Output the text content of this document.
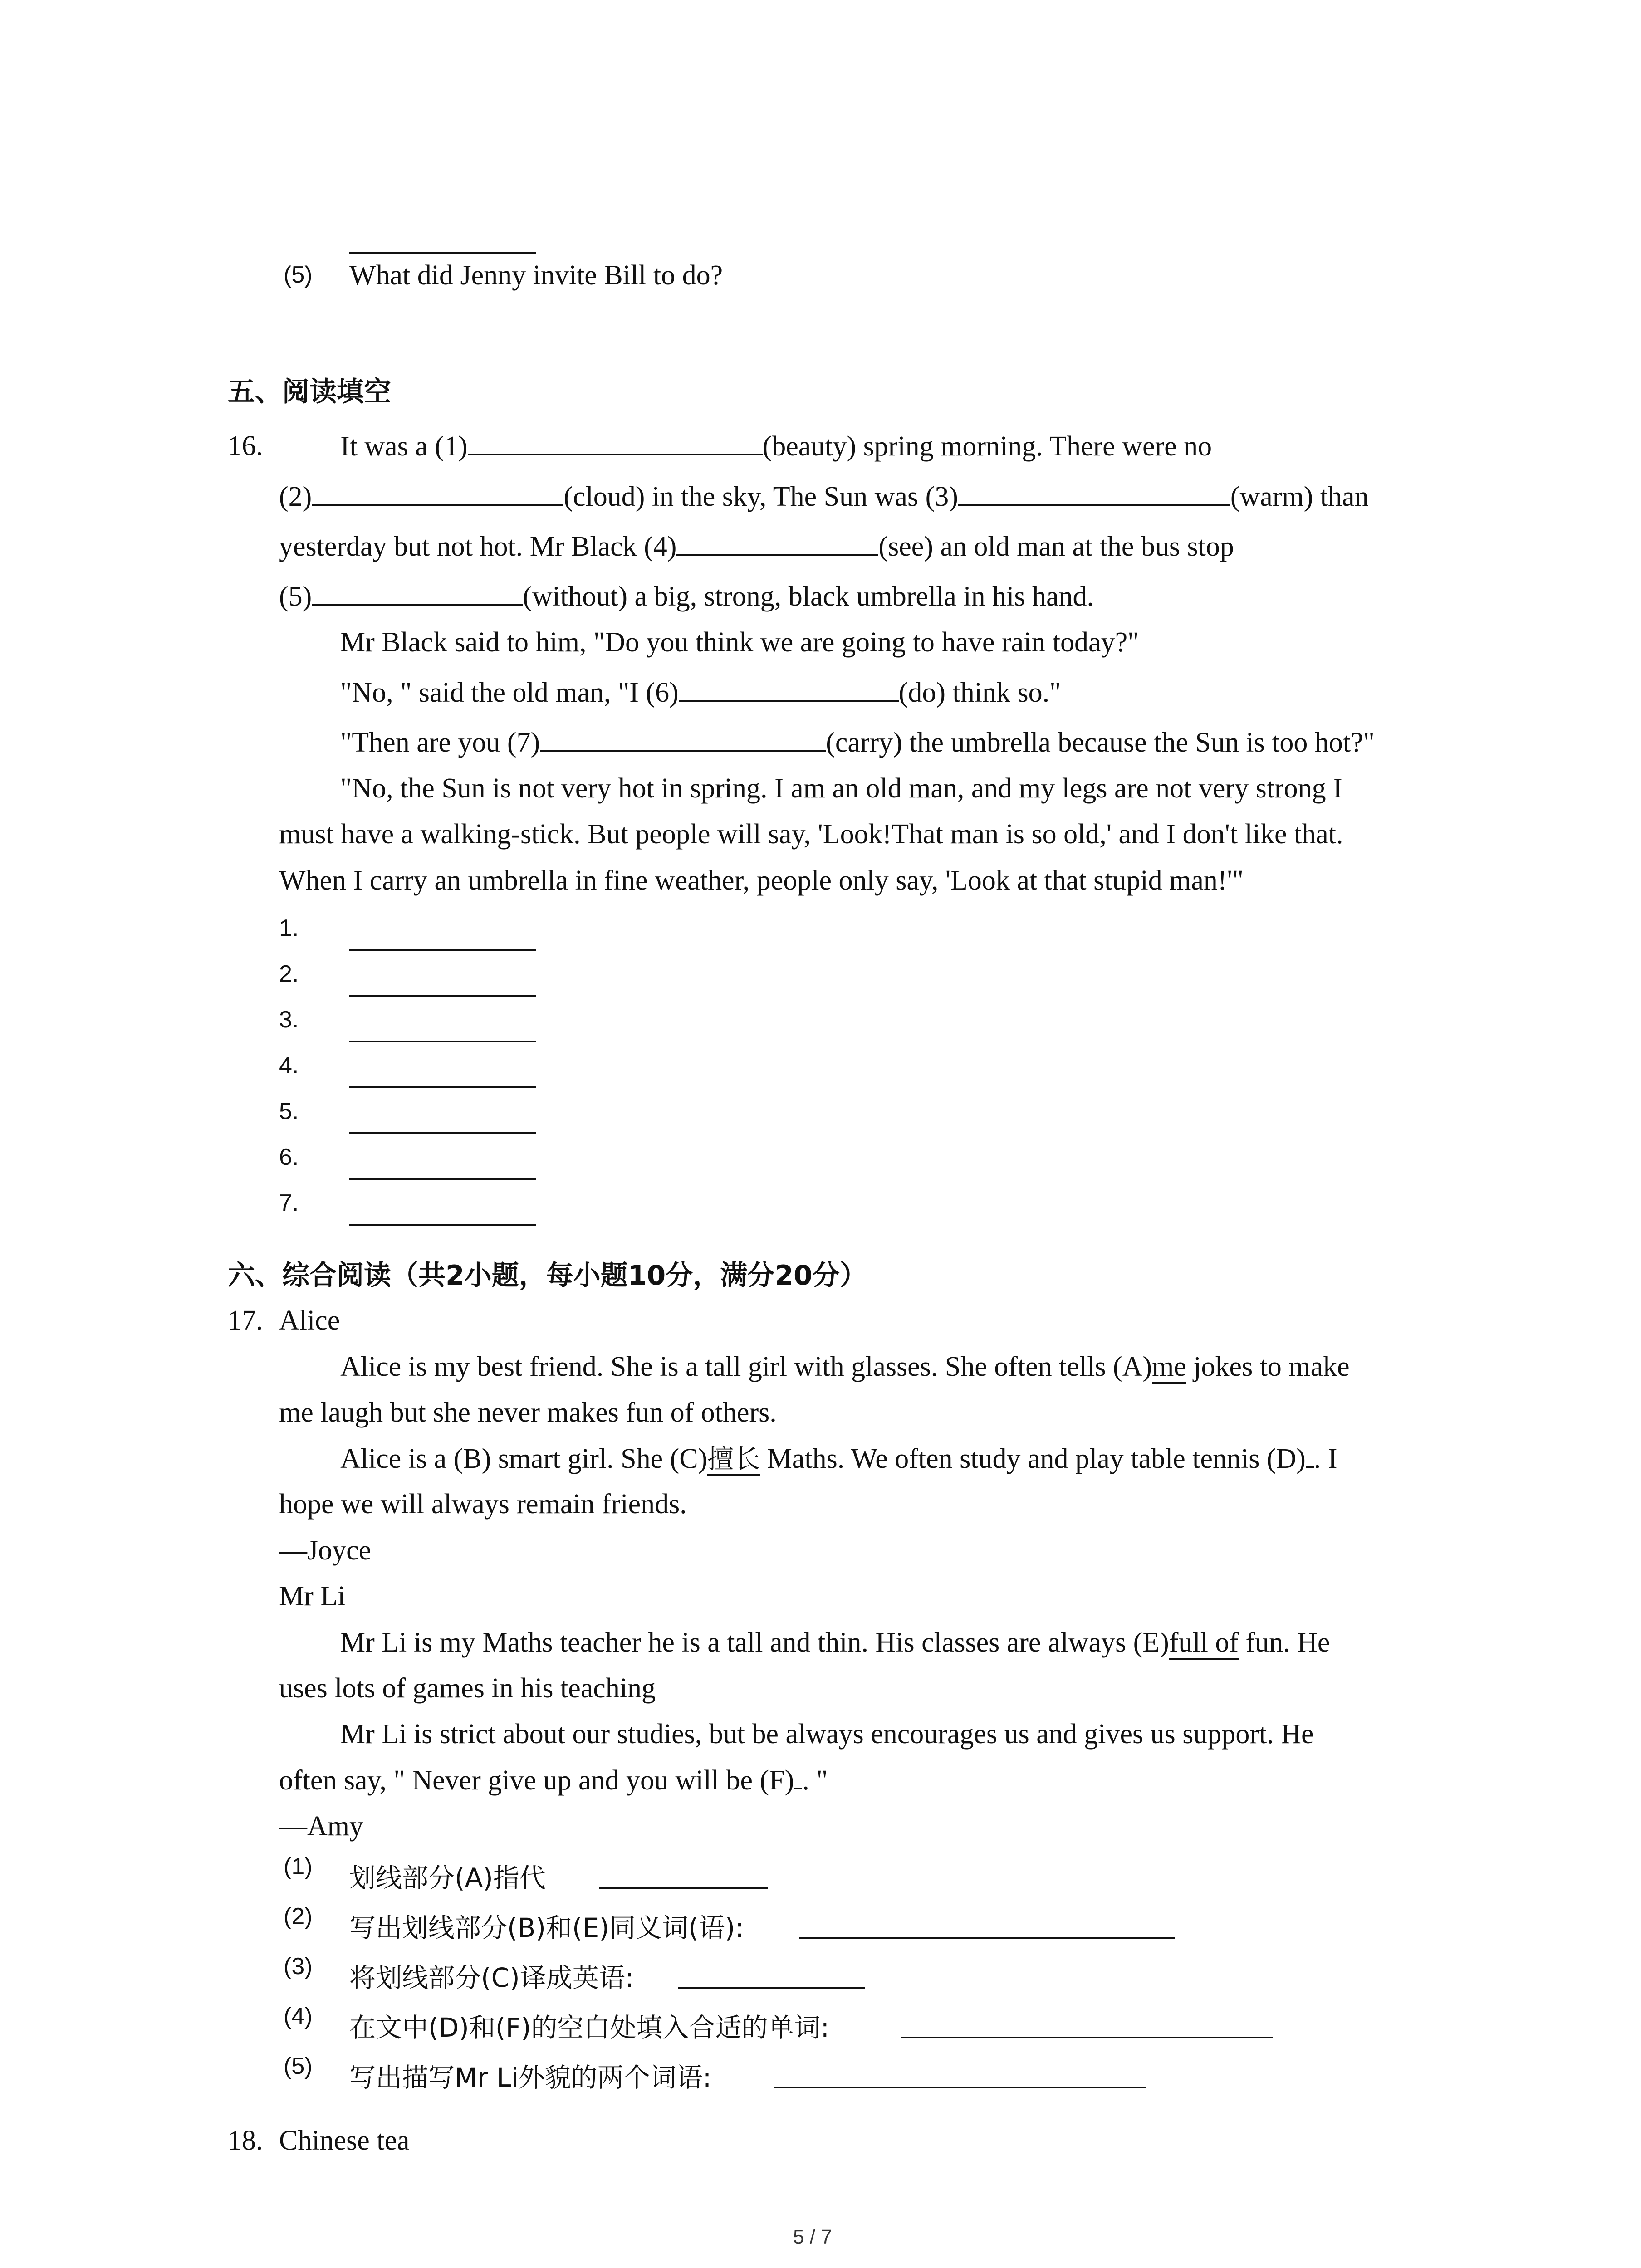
(5) What did Jenny invite Bill to do?
五、阅读填空
16.	It was a (1)	(beauty) spring morning. There were no
(2)	(cloud) in the sky, The Sun was (3)	(warm) than
yesterday but not hot. Mr Black (4)	(see) an old man at the bus stop
(5)	(without) a big, strong, black umbrella in his hand.
Mr Black said to him, "Do you think we are going to have rain today?"
"No, " said the old man, "I (6)	(do) think so."
"Then are you (7)	(carry) the umbrella because the Sun is too hot?"
"No, the Sun is not very hot in spring. I am an old man, and my legs are not very strong I
must have a walking-stick. But people will say, 'Look!That man is so old,' and I don't like that.
When I carry an umbrella in fine weather, people only say, 'Look at that stupid man!'"
1.
2.
3.
4.
5.
6.
7.
六、综合阅读（共2小题，每小题10分，满分20分）
17. Alice
Alice is my best friend. She is a tall girl with glasses. She often tells (A)me jokes to make
me laugh but she never makes fun of others.
Alice is a (B) smart girl. She (C)擅长 Maths. We often study and play table tennis (D) . I
hope we will always remain friends.
—Joyce
Mr Li
Mr Li is my Maths teacher he is a tall and thin. His classes are always (E)full of fun. He
uses lots of games in his teaching
Mr Li is strict about our studies, but be always encourages us and gives us support. He
often say, " Never give up and you will be (F) . "
—Amy
(1) 划线部分(A)指代
(2) 写出划线部分(B)和(E)同义词(语):
(3) 将划线部分(C)译成英语:
(4) 在文中(D)和(F)的空白处填入合适的单词:
(5) 写出描写Mr Li外貌的两个词语:
18. Chinese tea
5 / 7
